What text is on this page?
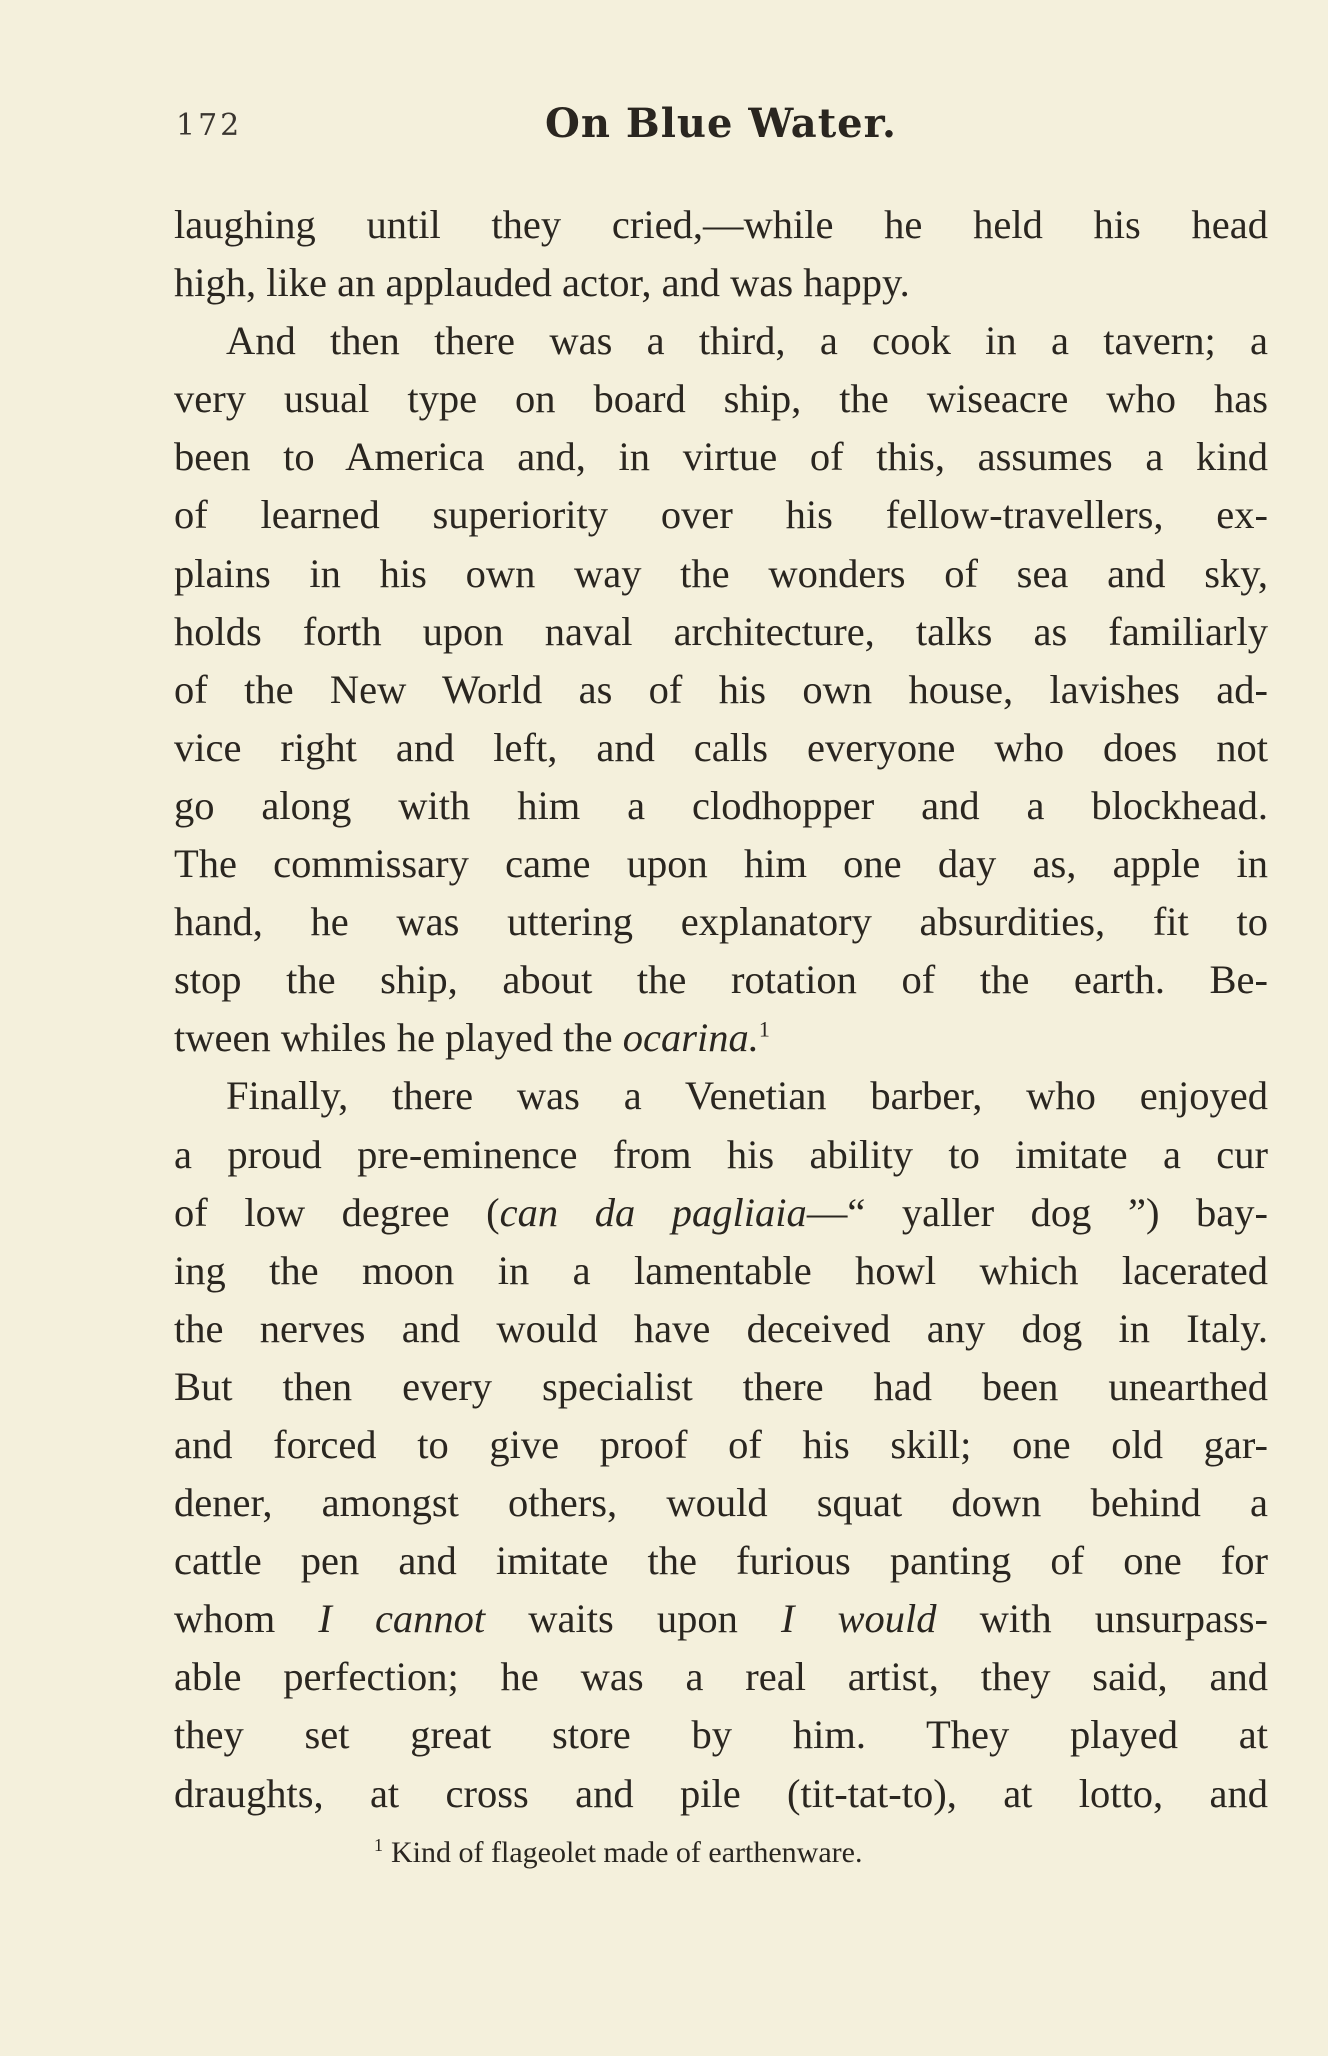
172	On Blue Water.

laughing until they cried,—while he held his head
high, like an applauded actor, and was happy.

And then there was a third, a cook in a tavern; a
very usual type on board ship, the wiseacre who has
been to America and, in virtue of this, assumes a kind
of learned superiority over his fellow-travellers, ex-
plains in his own way the wonders of sea and sky,
holds forth upon naval architecture, talks as familiarly
of the New World as of his own house, lavishes ad-
vice right and left, and calls everyone who does not
go along with him a clodhopper and a blockhead.
The commissary came upon him one day as, apple in
hand, he was uttering explanatory absurdities, fit to
stop the ship, about the rotation of the earth. Be-
tween whiles he played the ocarina.$^1$

Finally, there was a Venetian barber, who enjoyed
a proud pre-eminence from his ability to imitate a cur
of low degree (can da pagliaia—“ yaller dog ”) bay-
ing the moon in a lamentable howl which lacerated
the nerves and would have deceived any dog in Italy.
But then every specialist there had been unearthed
and forced to give proof of his skill; one old gar-
dener, amongst others, would squat down behind a
cattle pen and imitate the furious panting of one for
whom I cannot waits upon I would with unsurpass-
able perfection; he was a real artist, they said, and
they set great store by him. They played at
draughts, at cross and pile (tit-tat-to), at lotto, and

$^1$ Kind of flageolet made of earthenware.
